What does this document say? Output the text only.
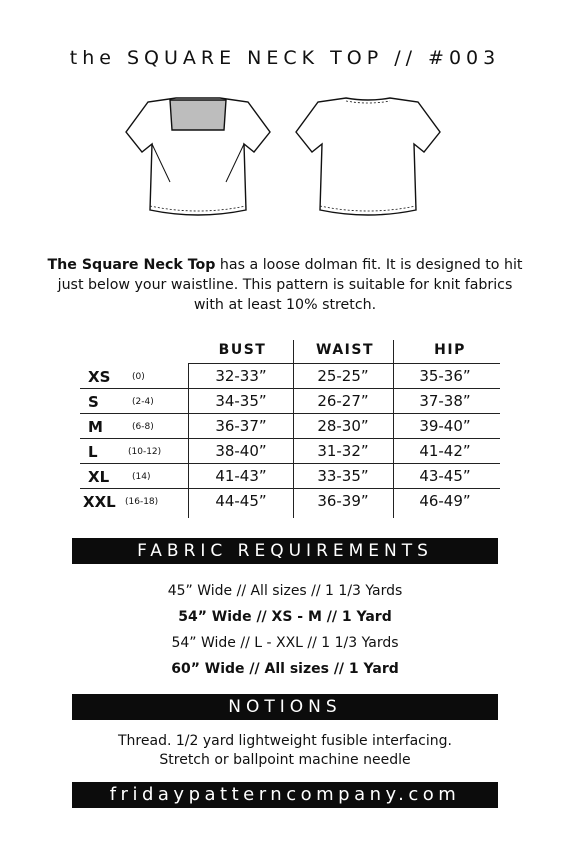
the SQUARE NECK TOP // #003
The Square Neck Top has a loose dolman fit. It is designed to hit just below your waistline. This pattern is suitable for knit fabrics with at least 10% stretch.
BUST	WAIST	HIP
XS (0)	32-33”	25-25”	35-36”
S	(2-4)	34-35”	26-27”	37-38”
M	(6-8)	36-37”	28-30”	39-40”
L	(10-12)	38-40”	31-32”	41-42”
XL	(14)	41-43”	33-35”	43-45”
XXL (16-18)	44-45”	36-39”	46-49”
FABRIC REQUIREMENTS
45” Wide // All sizes // 1 1/3 Yards
54” Wide // XS - M // 1 Yard
54” Wide // L - XXL // 1 1/3 Yards
60” Wide // All sizes // 1 Yard
NOTIONS
Thread. 1/2 yard lightweight fusible interfacing.
Stretch or ballpoint machine needle
fridaypatterncompany.com
